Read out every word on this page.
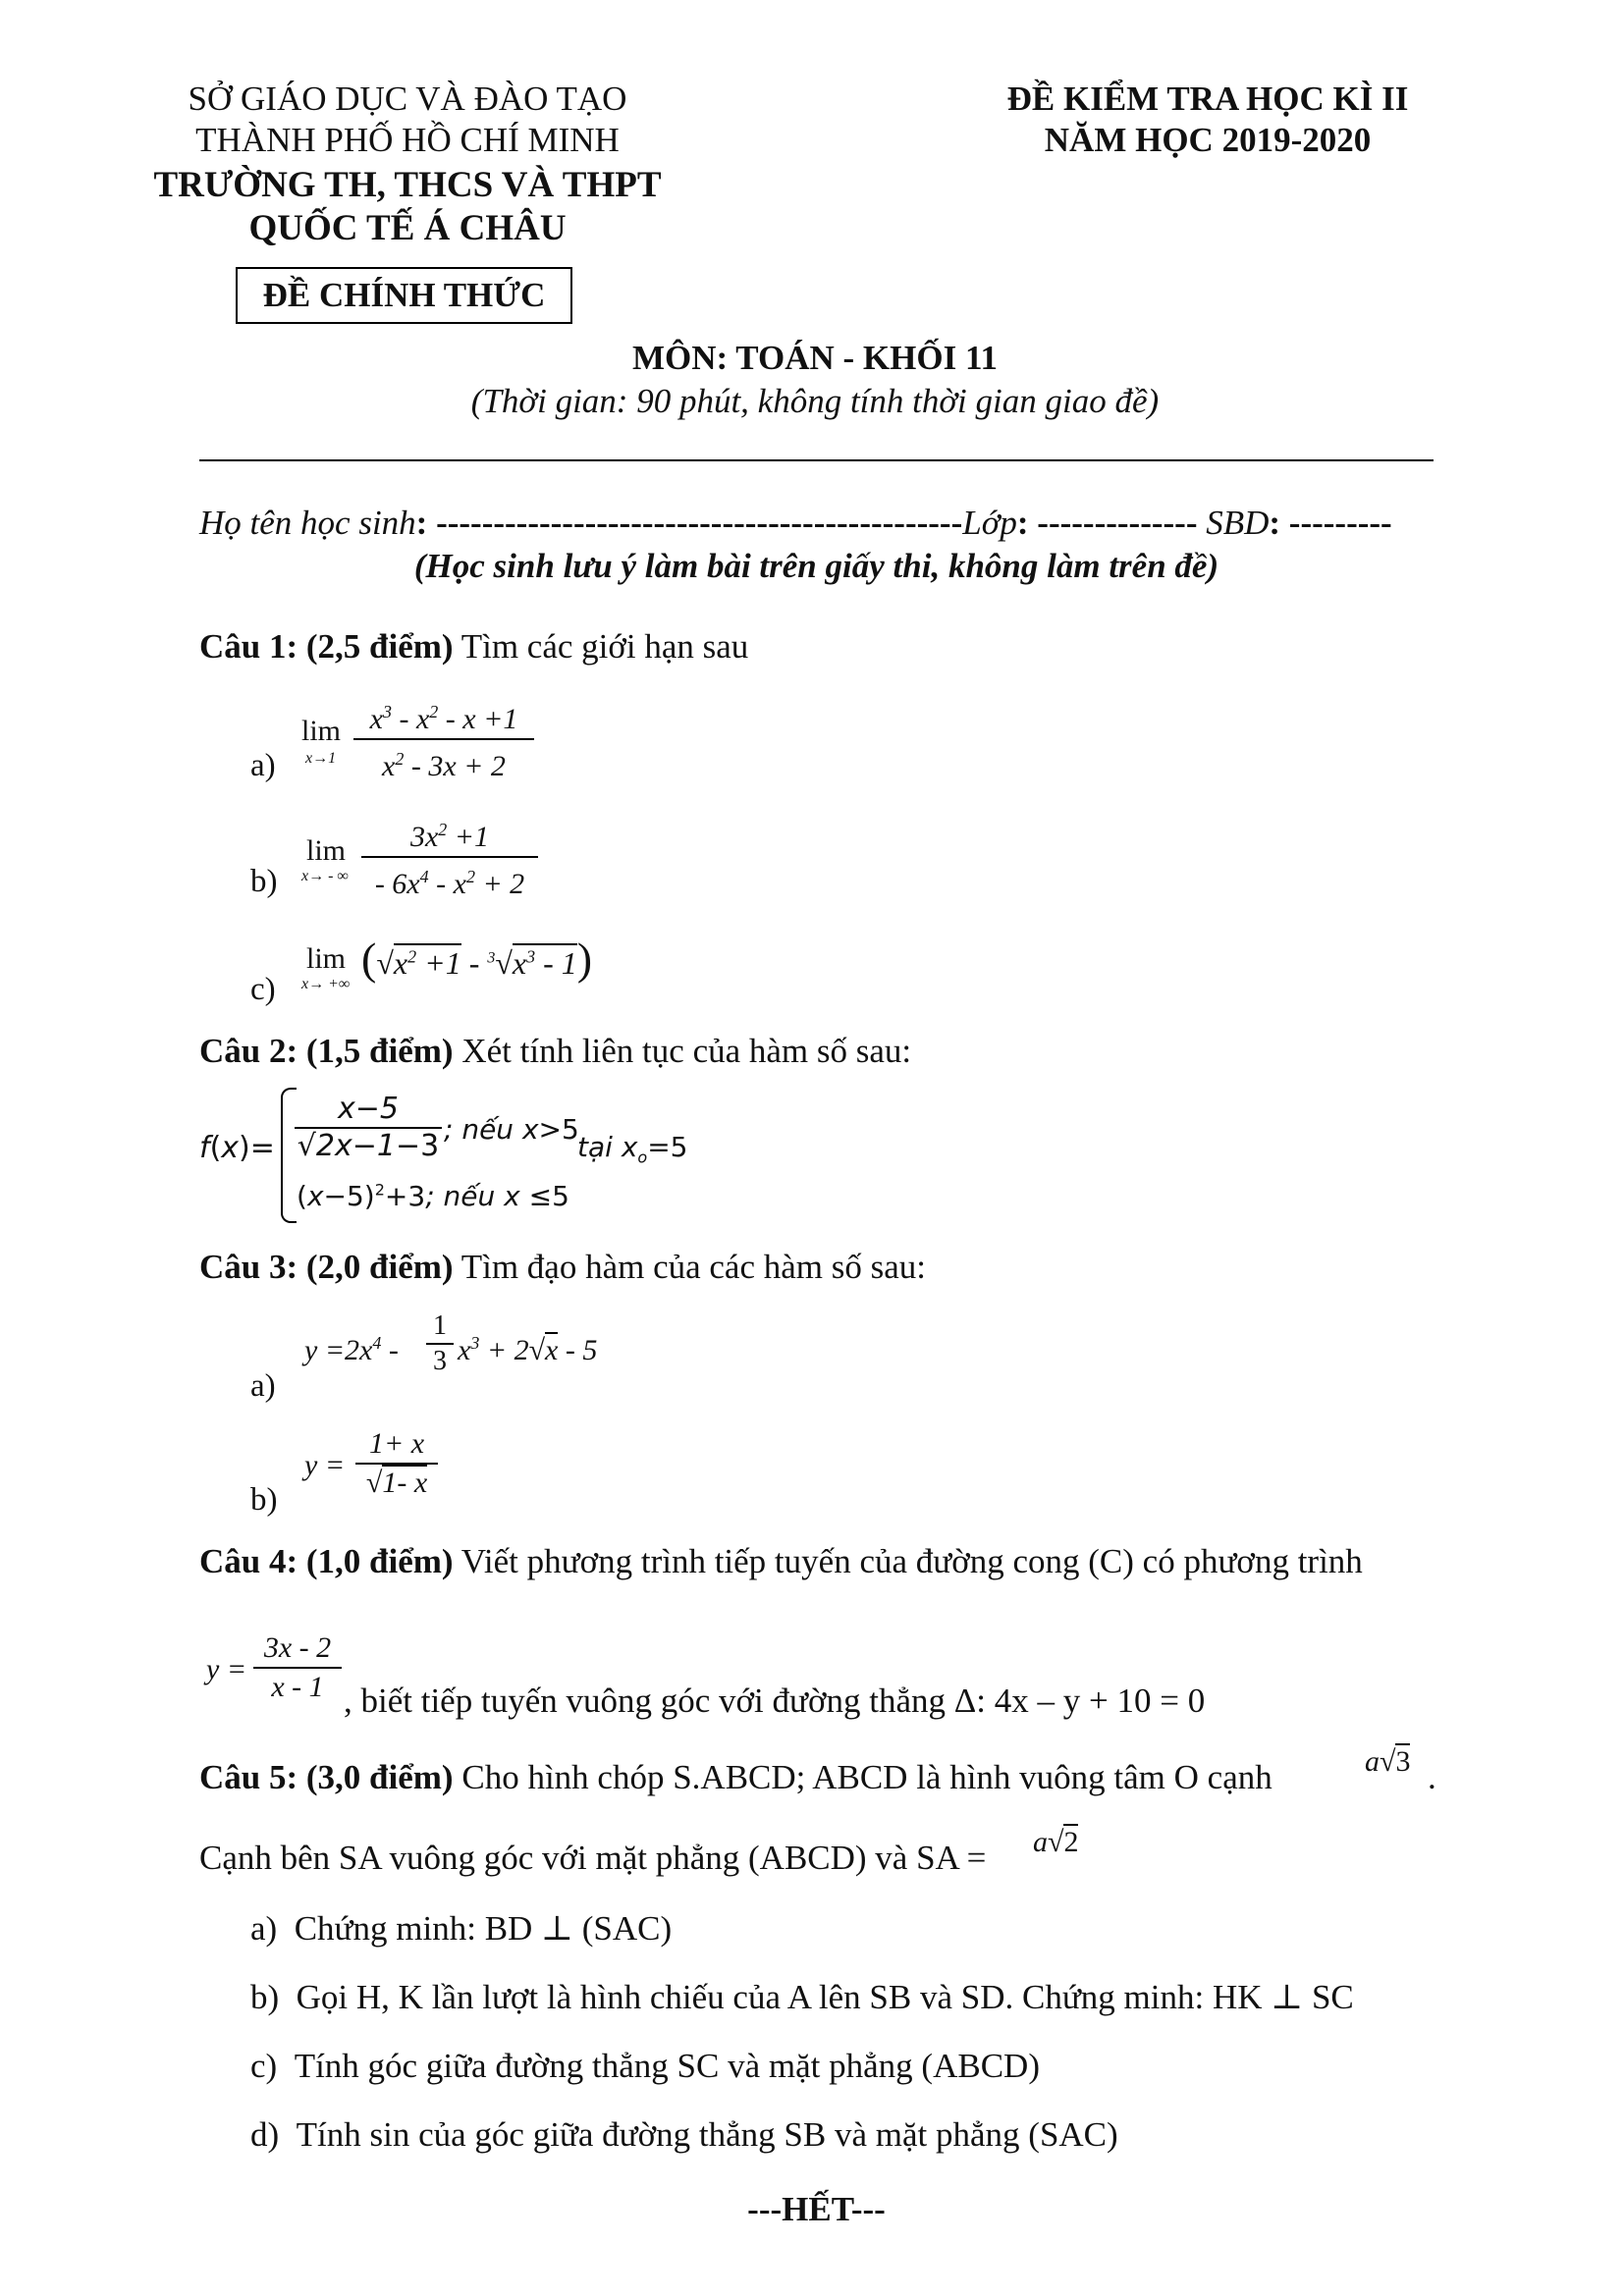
SỞ GIÁO DỤC VÀ ĐÀO TẠO
THÀNH PHỐ HỒ CHÍ MINH
TRƯỜNG TH, THCS VÀ THPT
QUỐC TẾ Á CHÂU
ĐỀ CHÍNH THỨC
ĐỀ KIỂM TRA HỌC KÌ II
NĂM HỌC 2019-2020
MÔN: TOÁN - KHỐI 11
(Thời gian: 90 phút, không tính thời gian giao đề)
Họ tên học sinh: ----------------------------------------------Lớp: -------------- SBD: ---------
(Học sinh lưu ý làm bài trên giấy thi, không làm trên đề)
Câu 1: (2,5 điểm) Tìm các giới hạn sau
a)
lim
x→1
$x^3 - x^2 - x +1$
$x^2 - 3x + 2$
b)
lim
x→ - ∞
$3x^2 +1$
- $6x^4 - x^2 + 2$
c)
lim
x→ +∞
$(√x^2 +1 - ^3√x^3 - 1)$
Câu 2: (1,5 điểm) Xét tính liên tục của hàm số sau:
f(x)=
x−5
√2x−1−3 ; nếu x>5
tại $x_o=5$
$(x-5)^2+3$; nếu x ≤5
Câu 3: (2,0 điểm) Tìm đạo hàm của các hàm số sau:
a)
$y =2x^4$ -
1
3 $x^3 + 2√x - 5$
b)
y =
1+ x
√1- x
Câu 4: (1,0 điểm) Viết phương trình tiếp tuyến của đường cong (C) có phương trình
y =
3x - 2
x - 1 , biết tiếp tuyến vuông góc với đường thẳng Δ: 4x – y + 10 = 0
Câu 5: (3,0 điểm) Cho hình chóp S.ABCD; ABCD là hình vuông tâm O cạnh	a√3 .
Cạnh bên SA vuông góc với mặt phẳng (ABCD) và SA = a√2
a) Chứng minh: BD ⊥ (SAC)
b) Gọi H, K lần lượt là hình chiếu của A lên SB và SD. Chứng minh: HK ⊥ SC
c) Tính góc giữa đường thẳng SC và mặt phẳng (ABCD)
d) Tính sin của góc giữa đường thẳng SB và mặt phẳng (SAC)
---HẾT---
